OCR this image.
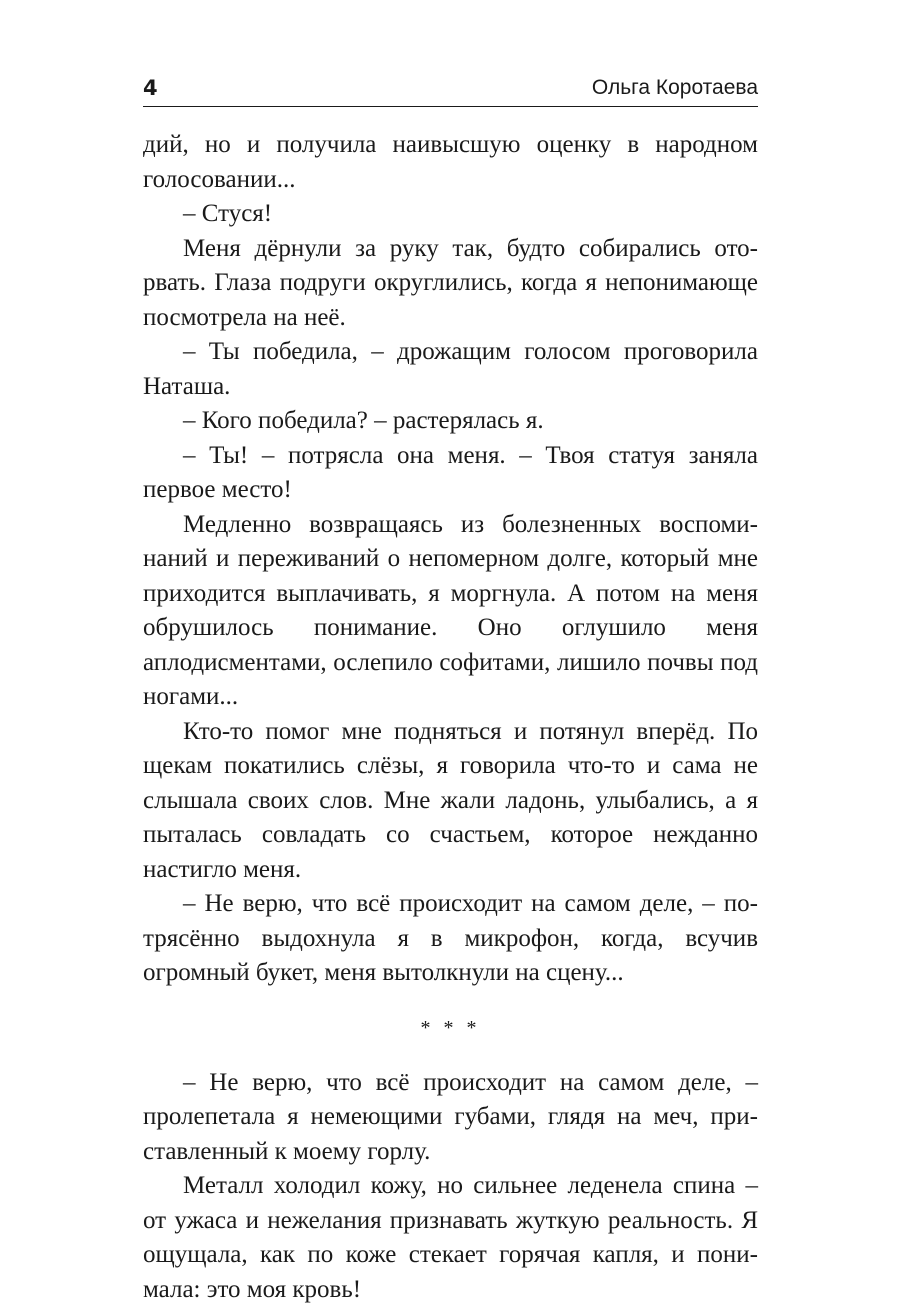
4	Ольга Коротаева

дий, но и получила наивысшую оценку в народном голосовании...

– Стуся!

Меня дёрнули за руку так, будто собирались оторвать. Глаза подруги округлились, когда я непонимающе посмотрела на неё.

– Ты победила, – дрожащим голосом проговорила Наташа.

– Кого победила? – растерялась я.

– Ты! – потрясла она меня. – Твоя статуя заняла первое место!

Медленно возвращаясь из болезненных воспоминаний и переживаний о непомерном долге, который мне приходится выплачивать, я моргнула. А потом на меня обрушилось понимание. Оно оглушило меня аплодисментами, ослепило софитами, лишило почвы под ногами...

Кто-то помог мне подняться и потянул вперёд. По щекам покатились слёзы, я говорила что-то и сама не слышала своих слов. Мне жали ладонь, улыбались, а я пыталась совладать со счастьем, которое нежданно настигло меня.

– Не верю, что всё происходит на самом деле, – потрясённо выдохнула я в микрофон, когда, всучив огромный букет, меня вытолкнули на сцену...

* * *

– Не верю, что всё происходит на самом деле, – пролепетала я немеющими губами, глядя на меч, приставленный к моему горлу.

Металл холодил кожу, но сильнее леденела спина – от ужаса и нежелания признавать жуткую реальность. Я ощущала, как по коже стекает горячая капля, и понимала: это моя кровь!
